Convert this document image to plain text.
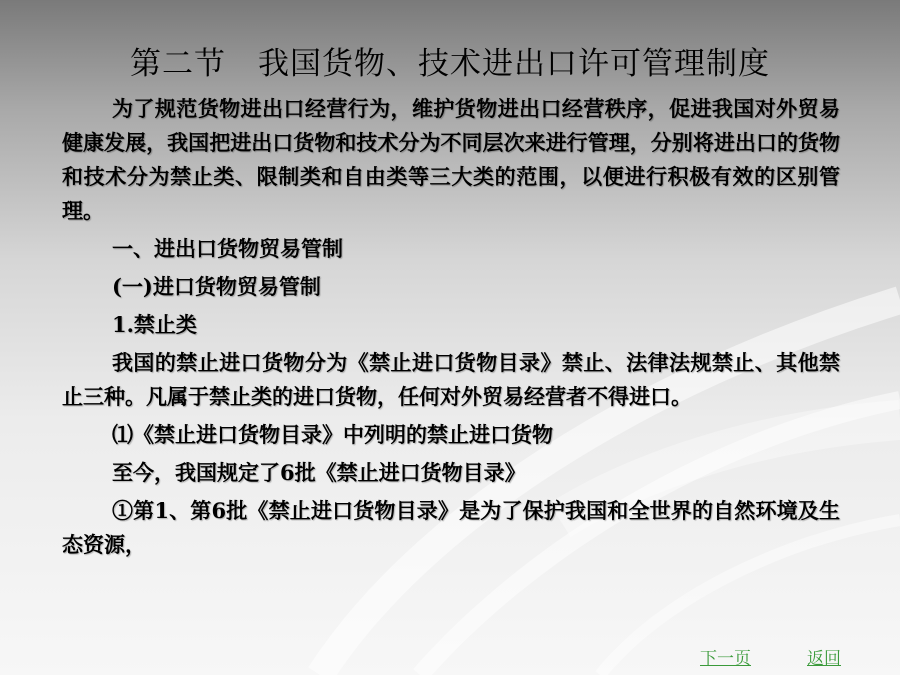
第二节　我国货物、技术进出口许可管理制度

为了规范货物进出口经营行为，维护货物进出口经营秩序，促进我国对外贸易健康发展，我国把进出口货物和技术分为不同层次来进行管理，分别将进出口的货物和技术分为禁止类、限制类和自由类等三大类的范围，以便进行积极有效的区别管理。

一、进出口货物贸易管制

(一)进口货物贸易管制

1.禁止类

我国的禁止进口货物分为《禁止进口货物目录》禁止、法律法规禁止、其他禁止三种。凡属于禁止类的进口货物，任何对外贸易经营者不得进口。

⑴《禁止进口货物目录》中列明的禁止进口货物

至今，我国规定了6批《禁止进口货物目录》

①第1、第6批《禁止进口货物目录》是为了保护我国和全世界的自然环境及生态资源，

下一页	返回
